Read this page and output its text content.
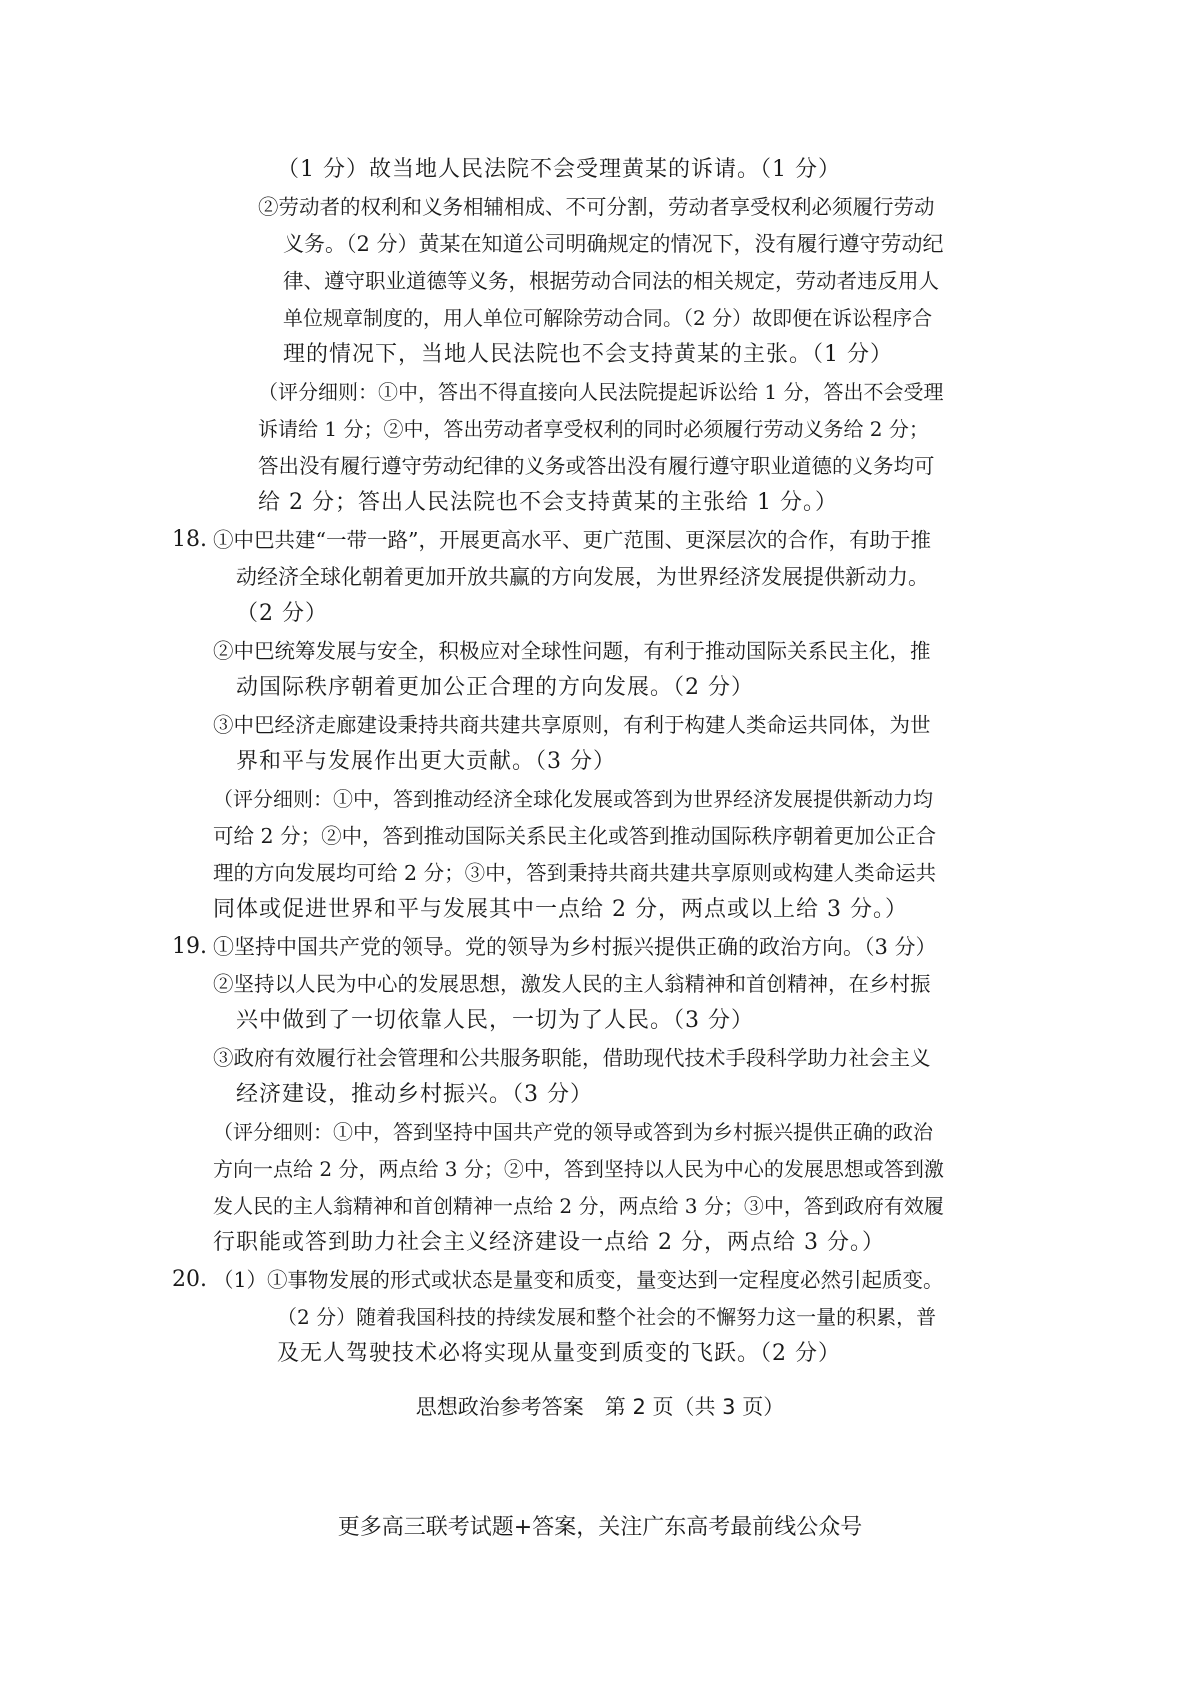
（1 分）故当地人民法院不会受理黄某的诉请。（1 分）
②劳动者的权利和义务相辅相成、不可分割，劳动者享受权利必须履行劳动
义务。（2 分）黄某在知道公司明确规定的情况下，没有履行遵守劳动纪
律、遵守职业道德等义务，根据劳动合同法的相关规定，劳动者违反用人
单位规章制度的，用人单位可解除劳动合同。（2 分）故即便在诉讼程序合
理的情况下，当地人民法院也不会支持黄某的主张。（1 分）
（评分细则：①中，答出不得直接向人民法院提起诉讼给 1 分，答出不会受理
诉请给 1 分；②中，答出劳动者享受权利的同时必须履行劳动义务给 2 分；
答出没有履行遵守劳动纪律的义务或答出没有履行遵守职业道德的义务均可
给 2 分；答出人民法院也不会支持黄某的主张给 1 分。）
18. ①中巴共建“一带一路”，开展更高水平、更广范围、更深层次的合作，有助于推
动经济全球化朝着更加开放共赢的方向发展，为世界经济发展提供新动力。
（2 分）
②中巴统筹发展与安全，积极应对全球性问题，有利于推动国际关系民主化，推
动国际秩序朝着更加公正合理的方向发展。（2 分）
③中巴经济走廊建设秉持共商共建共享原则，有利于构建人类命运共同体，为世
界和平与发展作出更大贡献。（3 分）
（评分细则：①中，答到推动经济全球化发展或答到为世界经济发展提供新动力均
可给 2 分；②中，答到推动国际关系民主化或答到推动国际秩序朝着更加公正合
理的方向发展均可给 2 分；③中，答到秉持共商共建共享原则或构建人类命运共
同体或促进世界和平与发展其中一点给 2 分，两点或以上给 3 分。）
19. ①坚持中国共产党的领导。党的领导为乡村振兴提供正确的政治方向。（3 分）
②坚持以人民为中心的发展思想，激发人民的主人翁精神和首创精神，在乡村振
兴中做到了一切依靠人民，一切为了人民。（3 分）
③政府有效履行社会管理和公共服务职能，借助现代技术手段科学助力社会主义
经济建设，推动乡村振兴。（3 分）
（评分细则：①中，答到坚持中国共产党的领导或答到为乡村振兴提供正确的政治
方向一点给 2 分，两点给 3 分；②中，答到坚持以人民为中心的发展思想或答到激
发人民的主人翁精神和首创精神一点给 2 分，两点给 3 分；③中，答到政府有效履
行职能或答到助力社会主义经济建设一点给 2 分，两点给 3 分。）
20. （1）①事物发展的形式或状态是量变和质变，量变达到一定程度必然引起质变。
（2 分）随着我国科技的持续发展和整个社会的不懈努力这一量的积累，普
及无人驾驶技术必将实现从量变到质变的飞跃。（2 分）
思想政治参考答案　第 2 页（共 3 页）
更多高三联考试题+答案，关注广东高考最前线公众号
